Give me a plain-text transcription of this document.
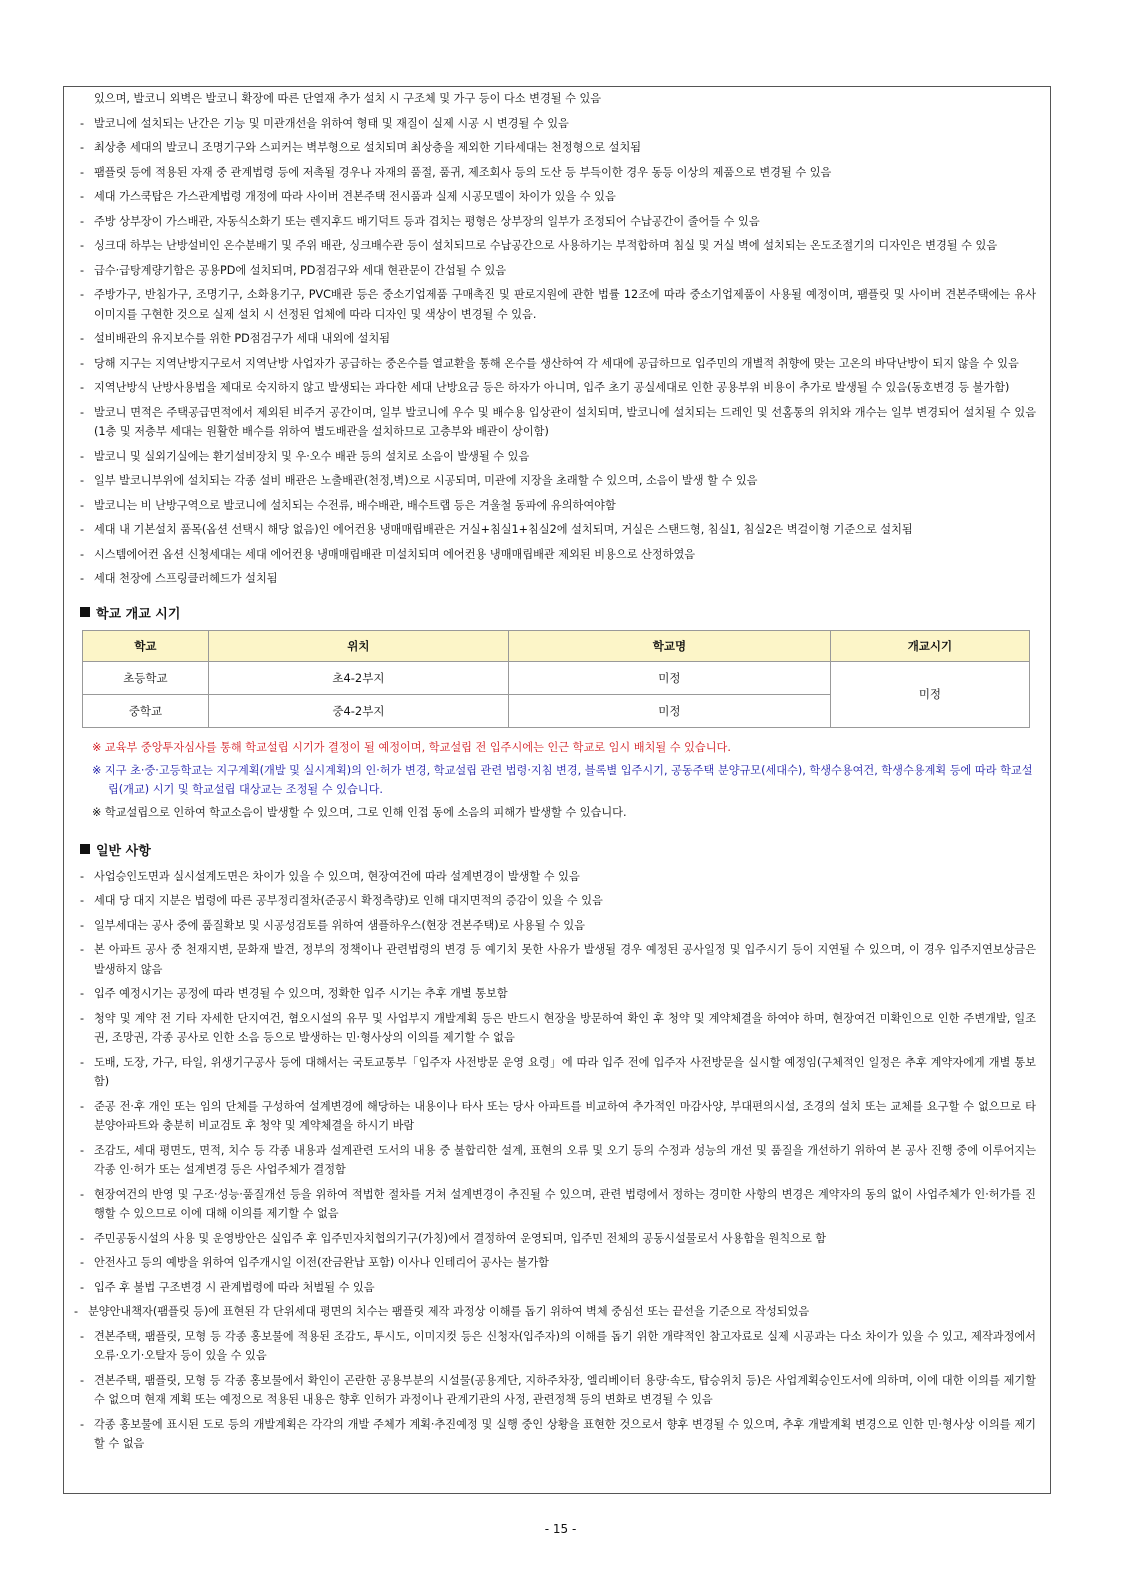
있으며, 발코니 외벽은 발코니 확장에 따른 단열재 추가 설치 시 구조체 및 가구 등이 다소 변경될 수 있음
- 발코니에 설치되는 난간은 기능 및 미관개선을 위하여 형태 및 재질이 실제 시공 시 변경될 수 있음
- 최상층 세대의 발코니 조명기구와 스피커는 벽부형으로 설치되며 최상층을 제외한 기타세대는 천정형으로 설치됨
- 팸플릿 등에 적용된 자재 중 관계법령 등에 저촉될 경우나 자재의 품절, 품귀, 제조회사 등의 도산 등 부득이한 경우 동등 이상의 제품으로 변경될 수 있음
- 세대 가스쿡탑은 가스관계법령 개정에 따라 사이버 견본주택 전시품과 실제 시공모델이 차이가 있을 수 있음
- 주방 상부장이 가스배관, 자동식소화기 또는 렌지후드 배기덕트 등과 겹치는 평형은 상부장의 일부가 조정되어 수납공간이 줄어들 수 있음
- 싱크대 하부는 난방설비인 온수분배기 및 주위 배관, 싱크배수관 등이 설치되므로 수납공간으로 사용하기는 부적합하며 침실 및 거실 벽에 설치되는 온도조절기의 디자인은 변경될 수 있음
- 급수·급탕계량기함은 공용PD에 설치되며, PD점검구와 세대 현관문이 간섭될 수 있음
- 주방가구, 반침가구, 조명기구, 소화용기구, PVC배관 등은 중소기업제품 구매촉진 및 판로지원에 관한 법률 12조에 따라 중소기업제품이 사용될 예정이며, 팸플릿 및 사이버 견본주택에는 유사 이미지를 구현한 것으로 실제 설치 시 선정된 업체에 따라 디자인 및 색상이 변경될 수 있음.
- 설비배관의 유지보수를 위한 PD점검구가 세대 내외에 설치됨
- 당해 지구는 지역난방지구로서 지역난방 사업자가 공급하는 중온수를 열교환을 통해 온수를 생산하여 각 세대에 공급하므로 입주민의 개별적 취향에 맞는 고온의 바닥난방이 되지 않을 수 있음
- 지역난방식 난방사용법을 제대로 숙지하지 않고 발생되는 과다한 세대 난방요금 등은 하자가 아니며, 입주 초기 공실세대로 인한 공용부위 비용이 추가로 발생될 수 있음(동호변경 등 불가함)
- 발코니 면적은 주택공급면적에서 제외된 비주거 공간이며, 일부 발코니에 우수 및 배수용 입상관이 설치되며, 발코니에 설치되는 드레인 및 선홈통의 위치와 개수는 일부 변경되어 설치될 수 있음(1층 및 저층부 세대는 원활한 배수를 위하여 별도배관을 설치하므로 고층부와 배관이 상이함)
- 발코니 및 실외기실에는 환기설비장치 및 우·오수 배관 등의 설치로 소음이 발생될 수 있음
- 일부 발코니부위에 설치되는 각종 설비 배관은 노출배관(천정,벽)으로 시공되며, 미관에 지장을 초래할 수 있으며, 소음이 발생 할 수 있음
- 발코니는 비 난방구역으로 발코니에 설치되는 수전류, 배수배관, 배수트랩 등은 겨울철 동파에 유의하여야함
- 세대 내 기본설치 품목(옵션 선택시 해당 없음)인 에어컨용 냉매매립배관은 거실+침실1+침실2에 설치되며, 거실은 스탠드형, 침실1, 침실2은 벽걸이형 기준으로 설치됨
- 시스템에어컨 옵션 신청세대는 세대 에어컨용 냉매매립배관 미설치되며 에어컨용 냉매매립배관 제외된 비용으로 산정하였음
- 세대 천장에 스프링클러헤드가 설치됨
학교 개교 시기
학교	위치	학교명	개교시기
초등학교	초4-2부지	미정	미정
중학교	중4-2부지	미정	
※ 교육부 중앙투자심사를 통해 학교설립 시기가 결정이 될 예정이며, 학교설립 전 입주시에는 인근 학교로 임시 배치될 수 있습니다.
※ 지구 초·중·고등학교는 지구계획(개발 및 실시계획)의 인·허가 변경, 학교설립 관련 법령·지침 변경, 블록별 입주시기, 공동주택 분양규모(세대수), 학생수용여건, 학생수용계획 등에 따라 학교설립(개교) 시기 및 학교설립 대상교는 조정될 수 있습니다.
※ 학교설립으로 인하여 학교소음이 발생할 수 있으며, 그로 인해 인접 동에 소음의 피해가 발생할 수 있습니다.
일반 사항
- 사업승인도면과 실시설계도면은 차이가 있을 수 있으며, 현장여건에 따라 설계변경이 발생할 수 있음
- 세대 당 대지 지분은 법령에 따른 공부정리절차(준공시 확정측량)로 인해 대지면적의 증감이 있을 수 있음
- 일부세대는 공사 중에 품질확보 및 시공성검토를 위하여 샘플하우스(현장 견본주택)로 사용될 수 있음
- 본 아파트 공사 중 천재지변, 문화재 발견, 정부의 정책이나 관련법령의 변경 등 예기치 못한 사유가 발생될 경우 예정된 공사일정 및 입주시기 등이 지연될 수 있으며, 이 경우 입주지연보상금은 발생하지 않음
- 입주 예정시기는 공정에 따라 변경될 수 있으며, 정확한 입주 시기는 추후 개별 통보함
- 청약 및 계약 전 기타 자세한 단지여건, 혐오시설의 유무 및 사업부지 개발계획 등은 반드시 현장을 방문하여 확인 후 청약 및 계약체결을 하여야 하며, 현장여건 미확인으로 인한 주변개발, 일조권, 조망권, 각종 공사로 인한 소음 등으로 발생하는 민·형사상의 이의를 제기할 수 없음
- 도배, 도장, 가구, 타일, 위생기구공사 등에 대해서는 국토교통부「입주자 사전방문 운영 요령」에 따라 입주 전에 입주자 사전방문을 실시할 예정임(구체적인 일정은 추후 계약자에게 개별 통보함)
- 준공 전·후 개인 또는 임의 단체를 구성하여 설계변경에 해당하는 내용이나 타사 또는 당사 아파트를 비교하여 추가적인 마감사양, 부대편의시설, 조경의 설치 또는 교체를 요구할 수 없으므로 타 분양아파트와 충분히 비교검토 후 청약 및 계약체결을 하시기 바람
- 조감도, 세대 평면도, 면적, 치수 등 각종 내용과 설계관련 도서의 내용 중 불합리한 설계, 표현의 오류 및 오기 등의 수정과 성능의 개선 및 품질을 개선하기 위하여 본 공사 진행 중에 이루어지는 각종 인·허가 또는 설계변경 등은 사업주체가 결정함
- 현장여건의 반영 및 구조·성능·품질개선 등을 위하여 적법한 절차를 거쳐 설계변경이 추진될 수 있으며, 관련 법령에서 정하는 경미한 사항의 변경은 계약자의 동의 없이 사업주체가 인·허가를 진행할 수 있으므로 이에 대해 이의를 제기할 수 없음
- 주민공동시설의 사용 및 운영방안은 실입주 후 입주민자치협의기구(가칭)에서 결정하여 운영되며, 입주민 전체의 공동시설물로서 사용함을 원칙으로 함
- 안전사고 등의 예방을 위하여 입주개시일 이전(잔금완납 포함) 이사나 인테리어 공사는 불가함
- 입주 후 불법 구조변경 시 관계법령에 따라 처벌될 수 있음
- 분양안내책자(팸플릿 등)에 표현된 각 단위세대 평면의 치수는 팸플릿 제작 과정상 이해를 돕기 위하여 벽체 중심선 또는 끝선을 기준으로 작성되었음
- 견본주택, 팸플릿, 모형 등 각종 홍보물에 적용된 조감도, 투시도, 이미지컷 등은 신청자(입주자)의 이해를 돕기 위한 개략적인 참고자료로 실제 시공과는 다소 차이가 있을 수 있고, 제작과정에서 오류·오기·오탈자 등이 있을 수 있음
- 견본주택, 팸플릿, 모형 등 각종 홍보물에서 확인이 곤란한 공용부분의 시설물(공용계단, 지하주차장, 엘리베이터 용량·속도, 탑승위치 등)은 사업계획승인도서에 의하며, 이에 대한 이의를 제기할 수 없으며 현재 계획 또는 예정으로 적용된 내용은 향후 인허가 과정이나 관계기관의 사정, 관련정책 등의 변화로 변경될 수 있음
- 각종 홍보물에 표시된 도로 등의 개발계획은 각각의 개발 주체가 계획·추진예정 및 실행 중인 상황을 표현한 것으로서 향후 변경될 수 있으며, 추후 개발계획 변경으로 인한 민·형사상 이의를 제기할 수 없음
- 15 -
